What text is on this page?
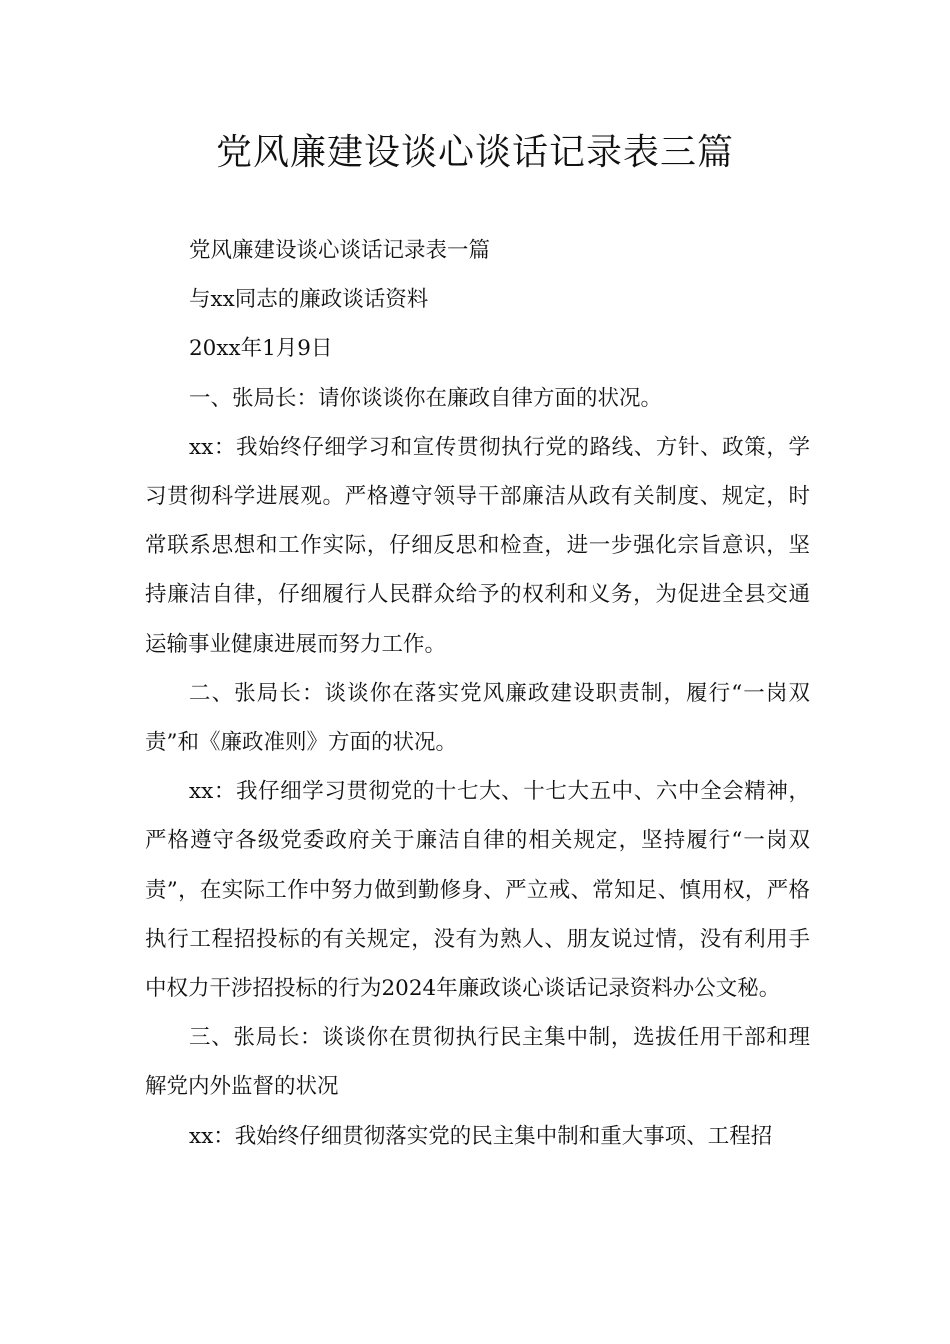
党风廉建设谈心谈话记录表三篇

党风廉建设谈心谈话记录表一篇

与xx同志的廉政谈话资料

20xx年1月9日

一、张局长：请你谈谈你在廉政自律方面的状况。

xx：我始终仔细学习和宣传贯彻执行党的路线、方针、政策，学习贯彻科学进展观。严格遵守领导干部廉洁从政有关制度、规定，时常联系思想和工作实际，仔细反思和检查，进一步强化宗旨意识，坚持廉洁自律，仔细履行人民群众给予的权利和义务，为促进全县交通运输事业健康进展而努力工作。

二、张局长：谈谈你在落实党风廉政建设职责制，履行“一岗双责”和《廉政准则》方面的状况。

xx：我仔细学习贯彻党的十七大、十七大五中、六中全会精神，严格遵守各级党委政府关于廉洁自律的相关规定，坚持履行“一岗双责”，在实际工作中努力做到勤修身、严立戒、常知足、慎用权，严格执行工程招投标的有关规定，没有为熟人、朋友说过情，没有利用手中权力干涉招投标的行为2024年廉政谈心谈话记录资料办公文秘。

三、张局长：谈谈你在贯彻执行民主集中制，选拔任用干部和理解党内外监督的状况

xx：我始终仔细贯彻落实党的民主集中制和重大事项、工程招
